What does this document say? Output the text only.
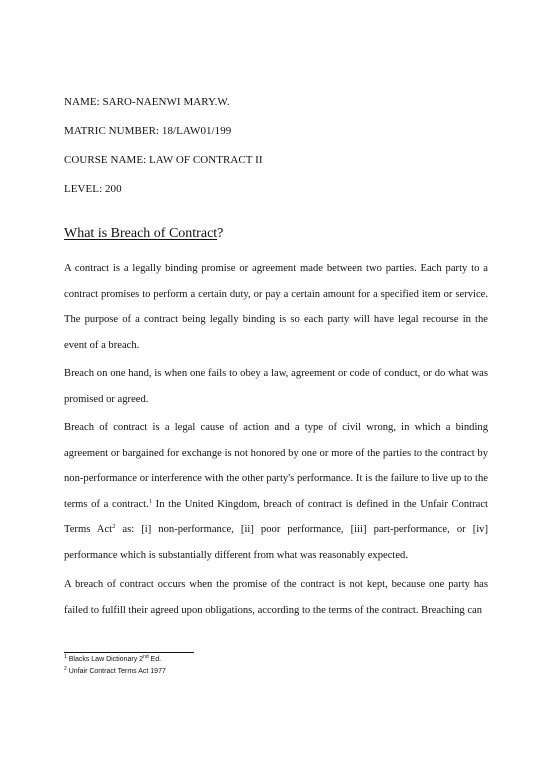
NAME: SARO-NAENWI MARY.W.
MATRIC NUMBER: 18/LAW01/199
COURSE NAME: LAW OF CONTRACT II
LEVEL: 200
What is Breach of Contract?

A contract is a legally binding promise or agreement made between two parties. Each party to a contract promises to perform a certain duty, or pay a certain amount for a specified item or service. The purpose of a contract being legally binding is so each party will have legal recourse in the event of a breach.

Breach on one hand, is when one fails to obey a law, agreement or code of conduct, or do what was promised or agreed.

Breach of contract is a legal cause of action and a type of civil wrong, in which a binding agreement or bargained for exchange is not honored by one or more of the parties to the contract by non-performance or interference with the other party's performance. It is the failure to live up to the terms of a contract.$^1$ In the United Kingdom, breach of contract is defined in the Unfair Contract Terms Act$^2$ as: [i] non-performance, [ii] poor performance, [iii] part-performance, or [iv] performance which is substantially different from what was reasonably expected.

A breach of contract occurs when the promise of the contract is not kept, because one party has failed to fulfill their agreed upon obligations, according to the terms of the contract. Breaching can

$^1$ Blacks Law Dictionary 2nd Ed.
$^2$ Unfair Contract Terms Act 1977
